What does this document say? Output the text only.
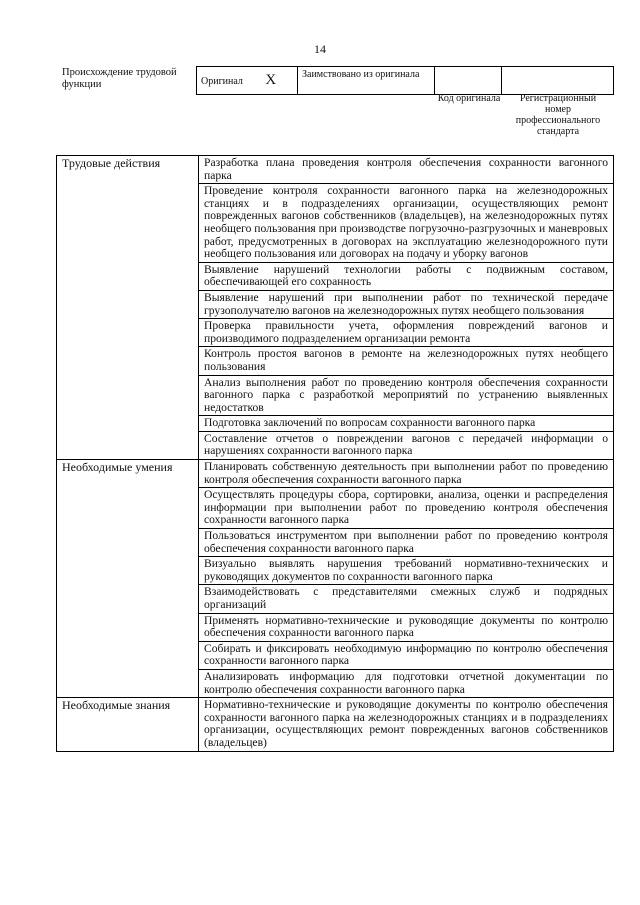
14
Происхождение трудовой функции	Оригинал X	Заимствовано из оригинала		
Код оригинала	Регистрационный номер профессионального стандарта
Трудовые действия	Разработка плана проведения контроля обеспечения сохранности вагонного парка
	Проведение контроля сохранности вагонного парка на железнодорожных станциях и в подразделениях организации, осуществляющих ремонт поврежденных вагонов собственников (владельцев), на железнодорожных путях необщего пользования при производстве погрузочно-разгрузочных и маневровых работ, предусмотренных в договорах на эксплуатацию железнодорожного пути необщего пользования или договорах на подачу и уборку вагонов
	Выявление нарушений технологии работы с подвижным составом, обеспечивающей его сохранность
	Выявление нарушений при выполнении работ по технической передаче грузополучателю вагонов на железнодорожных путях необщего пользования
	Проверка правильности учета, оформления повреждений вагонов и производимого подразделением организации ремонта
	Контроль простоя вагонов в ремонте на железнодорожных путях необщего пользования
	Анализ выполнения работ по проведению контроля обеспечения сохранности вагонного парка с разработкой мероприятий по устранению выявленных недостатков
	Подготовка заключений по вопросам сохранности вагонного парка
	Составление отчетов о повреждении вагонов с передачей информации о нарушениях сохранности вагонного парка
Необходимые умения	Планировать собственную деятельность при выполнении работ по проведению контроля обеспечения сохранности вагонного парка
	Осуществлять процедуры сбора, сортировки, анализа, оценки и распределения информации при выполнении работ по проведению контроля обеспечения сохранности вагонного парка
	Пользоваться инструментом при выполнении работ по проведению контроля обеспечения сохранности вагонного парка
	Визуально выявлять нарушения требований нормативно-технических и руководящих документов по сохранности вагонного парка
	Взаимодействовать с представителями смежных служб и подрядных организаций
	Применять нормативно-технические и руководящие документы по контролю обеспечения сохранности вагонного парка
	Собирать и фиксировать необходимую информацию по контролю обеспечения сохранности вагонного парка
	Анализировать информацию для подготовки отчетной документации по контролю обеспечения сохранности вагонного парка
Необходимые знания	Нормативно-технические и руководящие документы по контролю обеспечения сохранности вагонного парка на железнодорожных станциях и в подразделениях организации, осуществляющих ремонт поврежденных вагонов собственников (владельцев)
